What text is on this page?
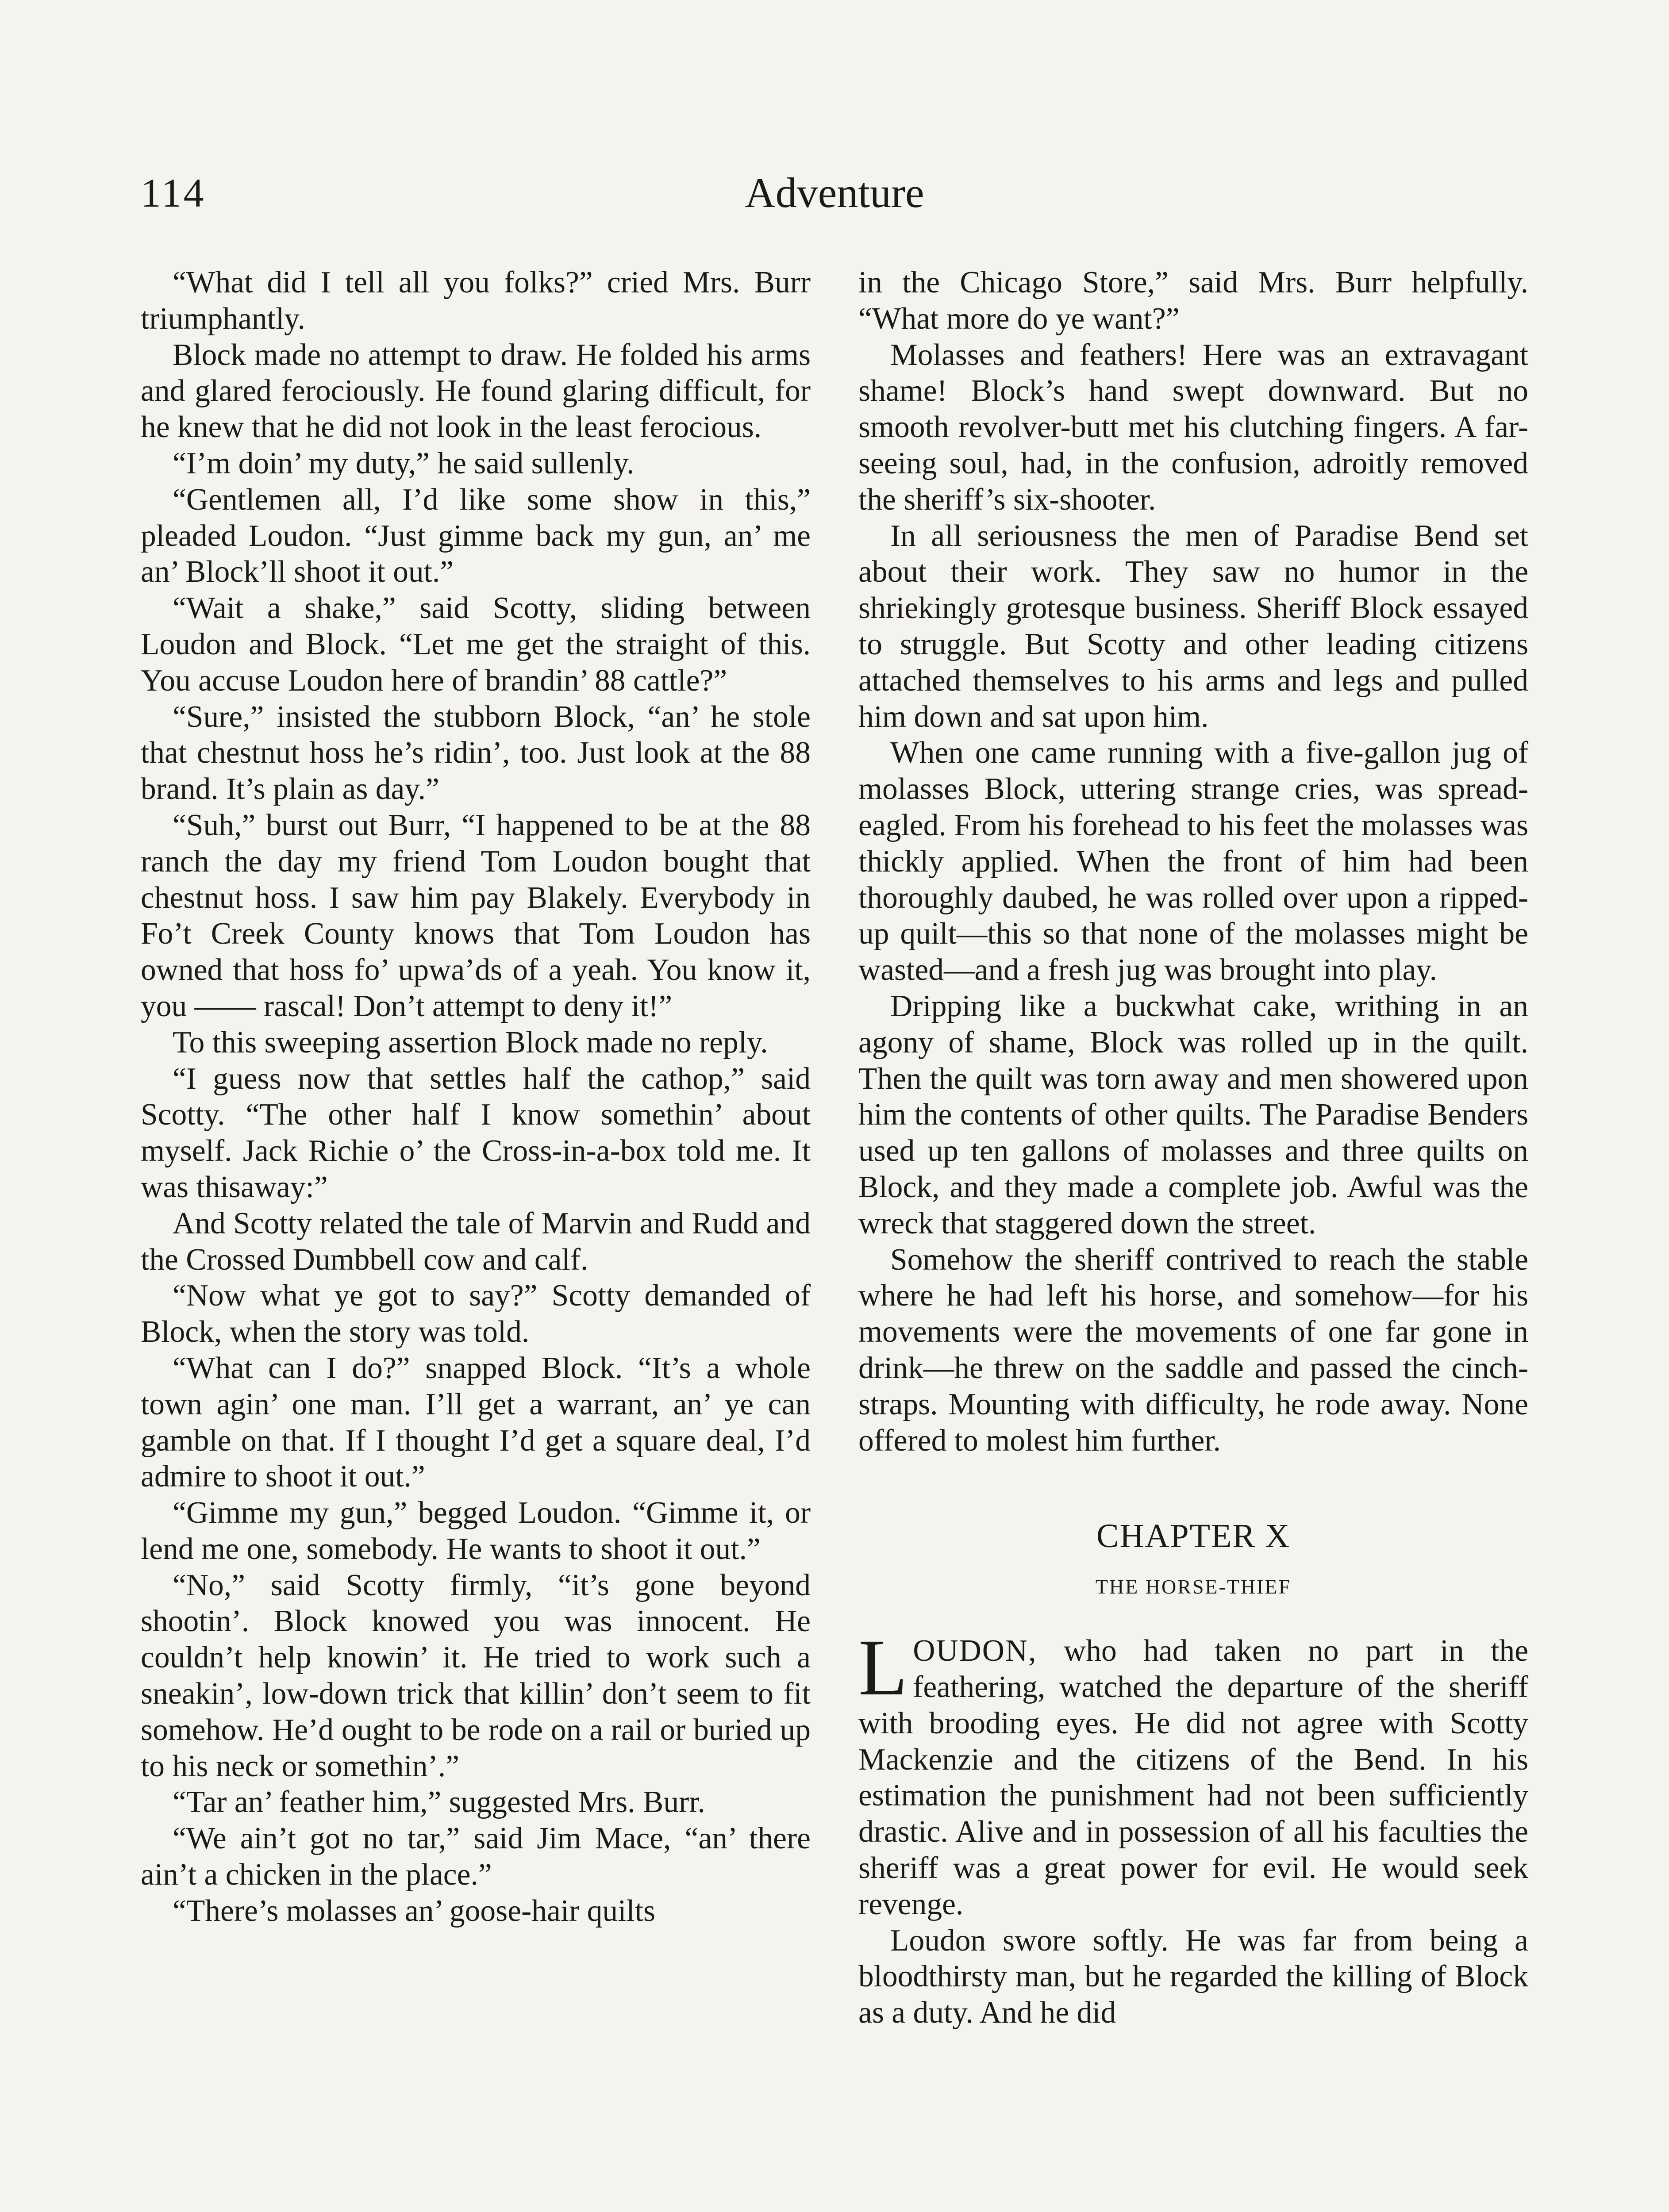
114	Adventure

“What did I tell all you folks?” cried Mrs. Burr triumphantly.

Block made no attempt to draw. He folded his arms and glared ferociously. He found glaring difficult, for he knew that he did not look in the least ferocious.

“I’m doin’ my duty,” he said sullenly.

“Gentlemen all, I’d like some show in this,” pleaded Loudon. “Just gimme back my gun, an’ me an’ Block’ll shoot it out.”

“Wait a shake,” said Scotty, sliding between Loudon and Block. “Let me get the straight of this. You accuse Loudon here of brandin’ 88 cattle?”

“Sure,” insisted the stubborn Block, “an’ he stole that chestnut hoss he’s ridin’, too. Just look at the 88 brand. It’s plain as day.”

“Suh,” burst out Burr, “I happened to be at the 88 ranch the day my friend Tom Loudon bought that chestnut hoss. I saw him pay Blakely. Everybody in Fo’t Creek County knows that Tom Loudon has owned that hoss fo’ upwa’ds of a yeah. You know it, you —— rascal! Don’t attempt to deny it!”

To this sweeping assertion Block made no reply.

“I guess now that settles half the cathop,” said Scotty. “The other half I know somethin’ about myself. Jack Richie o’ the Cross-in-a-box told me. It was thisaway:”

And Scotty related the tale of Marvin and Rudd and the Crossed Dumbbell cow and calf.

“Now what ye got to say?” Scotty demanded of Block, when the story was told.

“What can I do?” snapped Block. “It’s a whole town agin’ one man. I’ll get a warrant, an’ ye can gamble on that. If I thought I’d get a square deal, I’d admire to shoot it out.”

“Gimme my gun,” begged Loudon. “Gimme it, or lend me one, somebody. He wants to shoot it out.”

“No,” said Scotty firmly, “it’s gone beyond shootin’. Block knowed you was innocent. He couldn’t help knowin’ it. He tried to work such a sneakin’, low-down trick that killin’ don’t seem to fit somehow. He’d ought to be rode on a rail or buried up to his neck or somethin’.”

“Tar an’ feather him,” suggested Mrs. Burr.

“We ain’t got no tar,” said Jim Mace, “an’ there ain’t a chicken in the place.”

“There’s molasses an’ goose-hair quilts

in the Chicago Store,” said Mrs. Burr helpfully. “What more do ye want?”

Molasses and feathers! Here was an extravagant shame! Block’s hand swept downward. But no smooth revolver-butt met his clutching fingers. A far-seeing soul, had, in the confusion, adroitly removed the sheriff’s six-shooter.

In all seriousness the men of Paradise Bend set about their work. They saw no humor in the shriekingly grotesque business. Sheriff Block essayed to struggle. But Scotty and other leading citizens attached themselves to his arms and legs and pulled him down and sat upon him.

When one came running with a five-gallon jug of molasses Block, uttering strange cries, was spread-eagled. From his forehead to his feet the molasses was thickly applied. When the front of him had been thoroughly daubed, he was rolled over upon a ripped-up quilt—this so that none of the molasses might be wasted—and a fresh jug was brought into play.

Dripping like a buckwhat cake, writhing in an agony of shame, Block was rolled up in the quilt. Then the quilt was torn away and men showered upon him the contents of other quilts. The Paradise Benders used up ten gallons of molasses and three quilts on Block, and they made a complete job. Awful was the wreck that staggered down the street.

Somehow the sheriff contrived to reach the stable where he had left his horse, and somehow—for his movements were the movements of one far gone in drink—he threw on the saddle and passed the cinch-straps. Mounting with difficulty, he rode away. None offered to molest him further.

CHAPTER X
THE HORSE-THIEF

LOUDON, who had taken no part in the feathering, watched the departure of the sheriff with brooding eyes. He did not agree with Scotty Mackenzie and the citizens of the Bend. In his estimation the punishment had not been sufficiently drastic. Alive and in possession of all his faculties the sheriff was a great power for evil. He would seek revenge.

Loudon swore softly. He was far from being a bloodthirsty man, but he regarded the killing of Block as a duty. And he did
